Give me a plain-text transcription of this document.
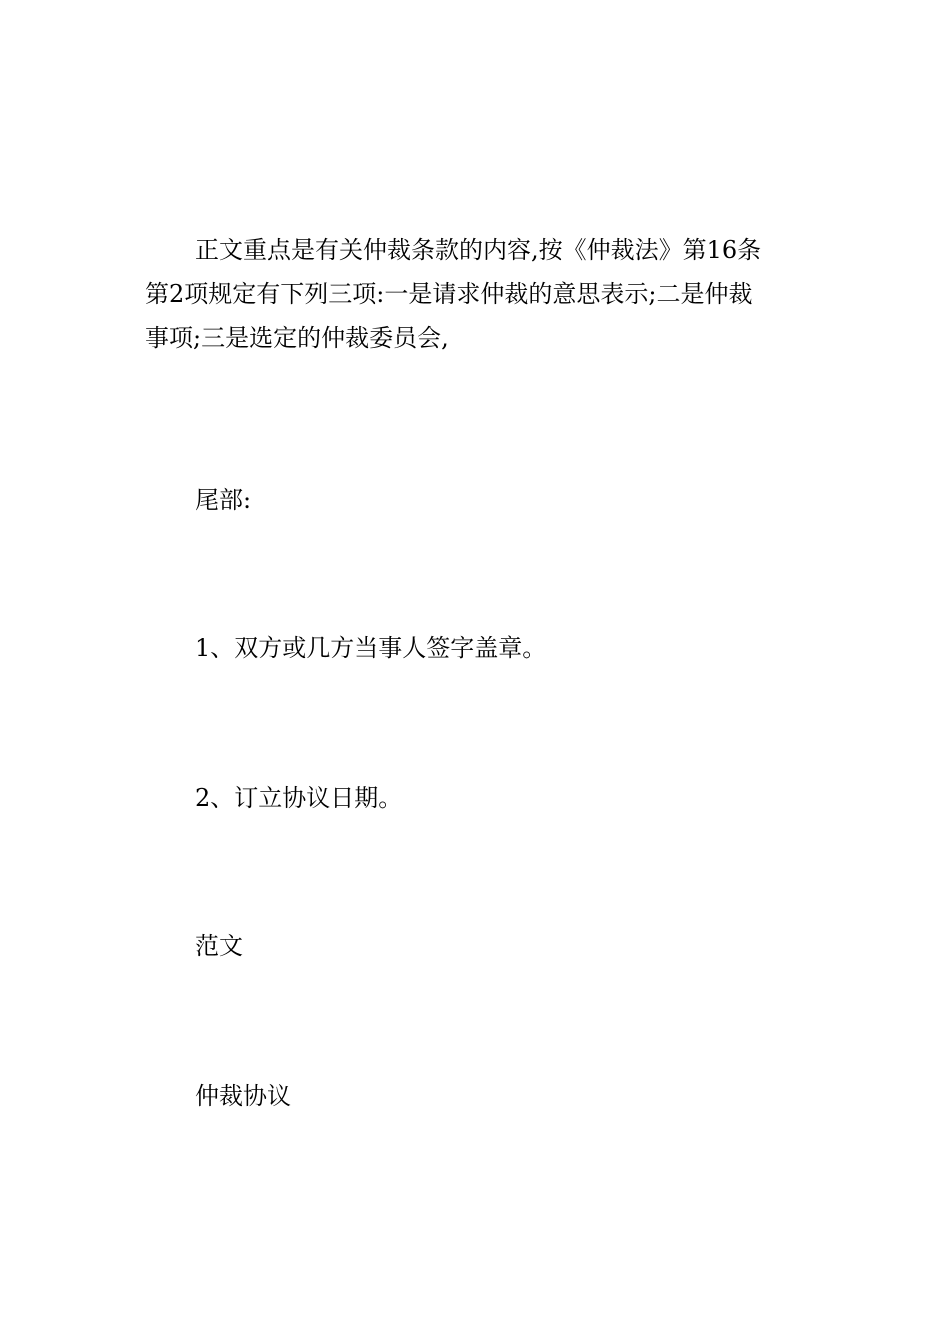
正文重点是有关仲裁条款的内容,按《仲裁法》第16条
第2项规定有下列三项:一是请求仲裁的意思表示;二是仲裁
事项;三是选定的仲裁委员会,

尾部:

1、双方或几方当事人签字盖章。

2、订立协议日期。

范文

仲裁协议
